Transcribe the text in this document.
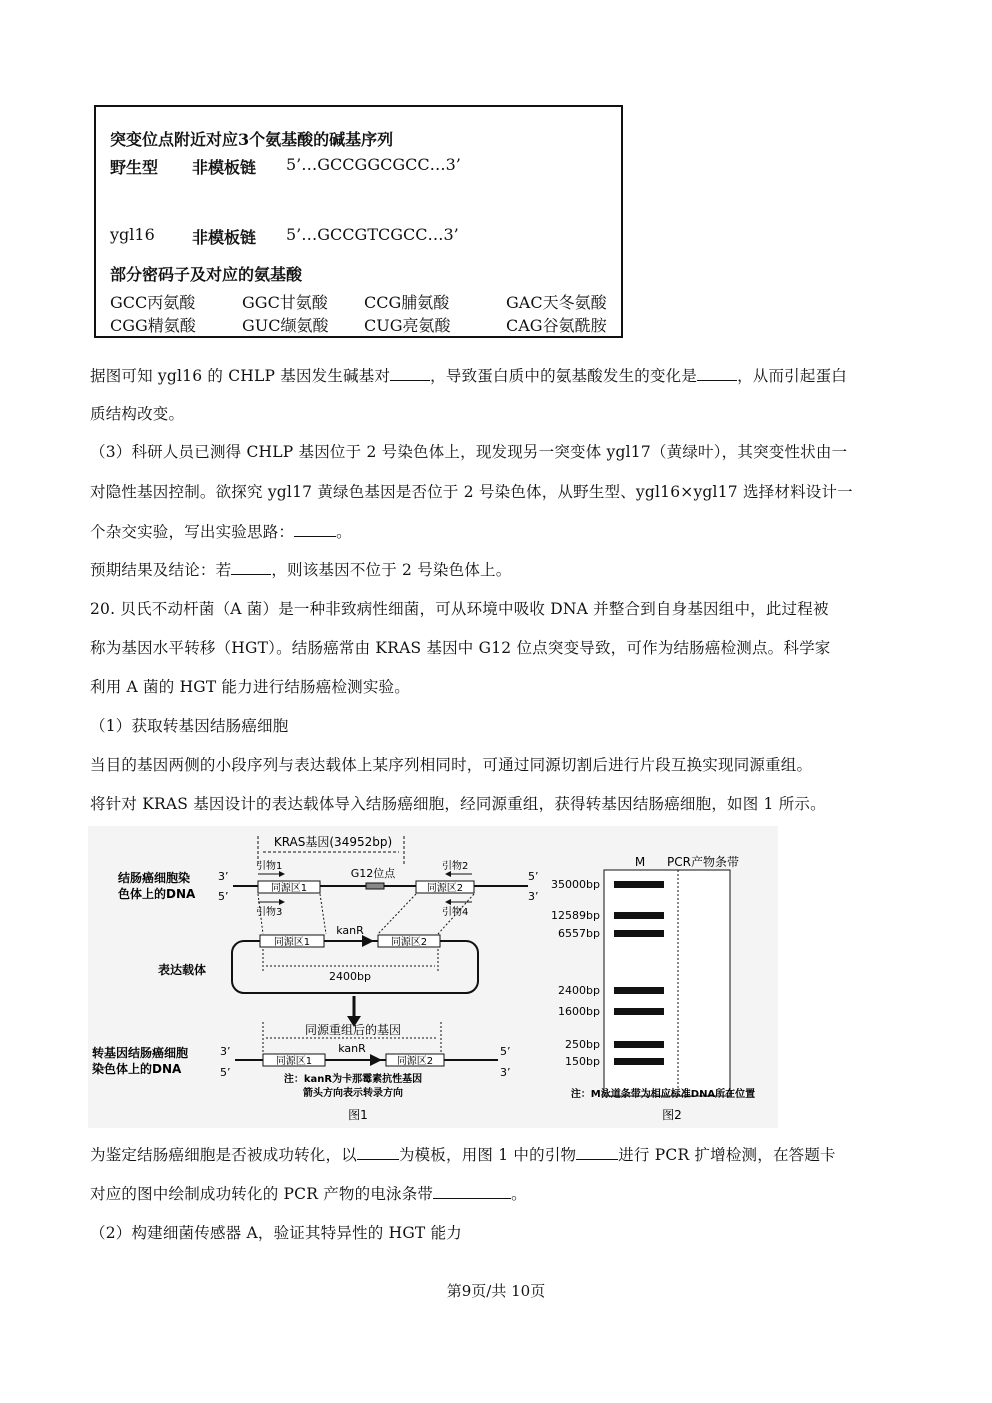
突变位点附近对应3个氨基酸的碱基序列
野生型 非模板链 5’…GCCGGCGCC…3’
ygl16 非模板链 5’…GCCGTCGCC…3’
部分密码子及对应的氨基酸
GCC丙氨酸	GGC甘氨酸 CCG脯氨酸	GAC天冬氨酸
CGG精氨酸	GUC缬氨酸 CUG亮氨酸	CAG谷氨酰胺
据图可知 ygl16 的 CHLP 基因发生碱基对	，导致蛋白质中的氨基酸发生的变化是	，从而引起蛋白
质结构改变。
（3）科研人员已测得 CHLP 基因位于 2 号染色体上，现发现另一突变体 ygl17（黄绿叶），其突变性状由一
对隐性基因控制。欲探究 ygl17 黄绿色基因是否位于 2 号染色体，从野生型、ygl16×ygl17 选择材料设计一
个杂交实验，写出实验思路：	。
预期结果及结论：若	，则该基因不位于 2 号染色体上。
20. 贝氏不动杆菌（A 菌）是一种非致病性细菌，可从环境中吸收 DNA 并整合到自身基因组中，此过程被
称为基因水平转移（HGT）。结肠癌常由 KRAS 基因中 G12 位点突变导致，可作为结肠癌检测点。科学家
利用 A 菌的 HGT 能力进行结肠癌检测实验。
（1）获取转基因结肠癌细胞
当目的基因两侧的小段序列与表达载体上某序列相同时，可通过同源切割后进行片段互换实现同源重组。
将针对 KRAS 基因设计的表达载体导入结肠癌细胞，经同源重组，获得转基因结肠癌细胞，如图 1 所示。
KRAS基因(34952bp)
结肠癌细胞染
色体上的DNA
3’
5’
5’
3’
同源区1	同源区2
G12位点
引物1	引物2
引物3	引物4
表达载体
同源区1	同源区2
kanR
2400bp
同源重组后的基因
转基因结肠癌细胞
染色体上的DNA
3’
5’
5’
3’
同源区1	同源区2
kanR
注：kanR为卡那霉素抗性基因
箭头方向表示转录方向
图1
M PCR产物条带
35000bp
12589bp
6557bp
2400bp
1600bp
250bp
150bp
注：M泳道条带为相应标准DNA所在位置
图2
为鉴定结肠癌细胞是否被成功转化，以	为模板，用图 1 中的引物	进行 PCR 扩增检测，在答题卡
对应的图中绘制成功转化的 PCR 产物的电泳条带	。
（2）构建细菌传感器 A，验证其特异性的 HGT 能力
第9页/共 10页
